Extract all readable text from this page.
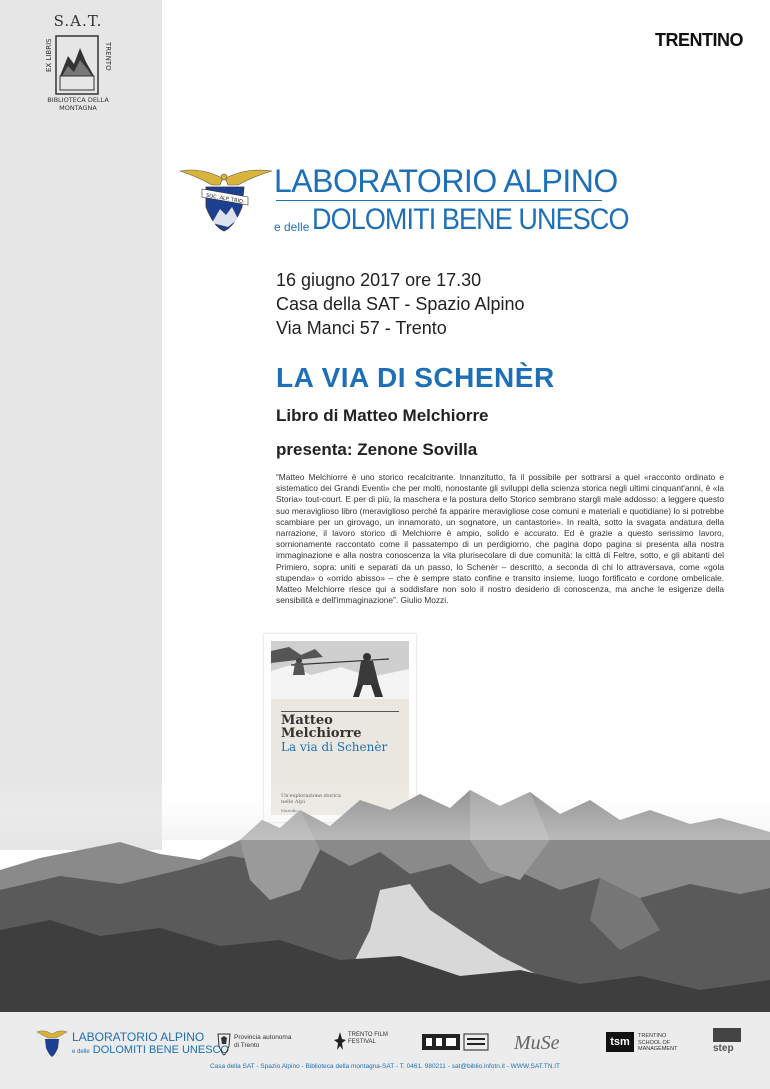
S.A.T.
EX LIBRIS	TRENTO
BIBLIOTECA DELLA
MONTAGNA
TRENTINO
SOC. ALP. TRID.
LABORATORIO ALPINO
e delle DOLOMITI BENE UNESCO
16 giugno 2017 ore 17.30
Casa della SAT - Spazio Alpino
Via Manci 57 - Trento
LA VIA DI SCHENÈR
Libro di Matteo Melchiorre
presenta: Zenone Sovilla
“Matteo Melchiorre è uno storico recalcitrante. Innanzitutto, fa il possibile per sottrarsi a quel «racconto ordinato e sistematico dei Grandi Eventi» che per molti, nonostante gli sviluppi della scienza storica negli ultimi cinquant'anni, è «la Storia» tout-court. E per di più, la maschera e la postura dello Storico sembrano stargli male addosso: a leggere questo suo meraviglioso libro (meraviglioso perché fa apparire meravigliose cose comuni e materiali e quotidiane) lo si potrebbe scambiare per un girovago, un innamorato, un sognatore, un cantastorie». In realtà, sotto la svagata andatura della narrazione, il lavoro storico di Melchiorre è ampio, solido e accurato. Ed è grazie a questo serissimo lavoro, sornionamente raccontato come il passatempo di un perdigiorno, che pagina dopo pagina si presenta alla nostra immaginazione e alla nostra conoscenza la vita plurisecolare di due comunità: la città di Feltre, sotto, e gli abitanti del Primiero, sopra: uniti e separati da un passo, lo Schenèr – descritto, a seconda di chi lo attraversava, come «gola stupenda» o «orrido abisso» – che è sempre stato confine e transito insieme, luogo fortificato e cordone ombelicale. Matteo Melchiorre riesce qui a soddisfare non solo il nostro desiderio di conoscenza, ma anche le esigenze della sensibilità e dell'immaginazione”. Giulio Mozzi.
Matteo Melchiorre
La via di Schenèr
LABORATORIO ALPINO
e delle DOLOMITI BENE UNESCO
Provincia autonoma di Trento
TRENTO FILM FESTIVAL	MuSe	tsm	TRENTINO SCHOOL OF MANAGEMENT	step
Casa della SAT - Spazio Alpino - Biblioteca della montagna-SAT - T. 0461. 980211 - sat@biblio.infotn.it - WWW.SAT.TN.IT
